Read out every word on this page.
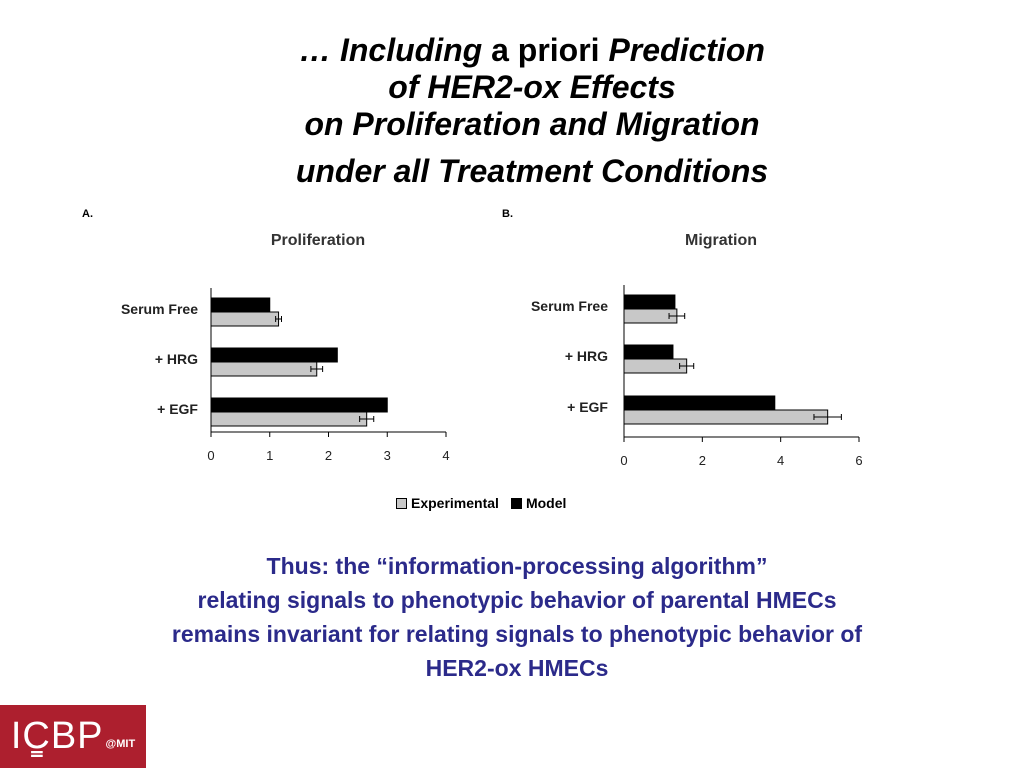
… Including a priori Prediction
of HER2-ox Effects
on Proliferation and Migration

under all Treatment Conditions
A.	B.
Proliferation
Serum Free
+ HRG
+ EGF
0	1	2	3	4
Migration
Serum Free
+ HRG
+ EGF
0	2	4	6
Experimental Model
Thus: the “information-processing algorithm”
relating signals to phenotypic behavior of parental HMECs
remains invariant for relating signals to phenotypic behavior of
HER2-ox HMECs
IC̳BP @MIT
